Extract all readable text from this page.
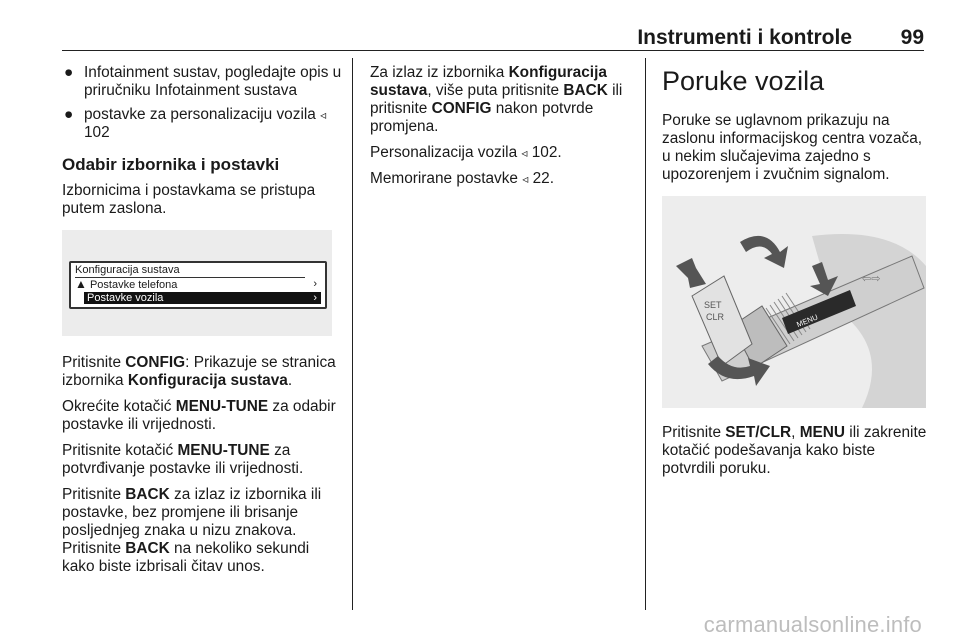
Instrumenti i kontrole 99
● Infotainment sustav, pogledajte opis u priručniku Infotainment sustava
● postavke za personalizaciju vozila ◃ 102
Odabir izbornika i postavki

Izbornicima i postavkama se pristupa putem zaslona.

Konfiguracija sustava
▲ Postavke telefona	›
Postavke vozila	›

Pritisnite CONFIG: Prikazuje se stranica izbornika Konfiguracija sustava.

Okrećite kotačić MENU-TUNE za odabir postavke ili vrijednosti.

Pritisnite kotačić MENU-TUNE za potvrđivanje postavke ili vrijednosti.

Pritisnite BACK za izlaz iz izbornika ili postavke, bez promjene ili brisanje posljednjeg znaka u nizu znakova. Pritisnite BACK na nekoliko sekundi kako biste izbrisali čitav unos.

Za izlaz iz izbornika Konfiguracija sustava, više puta pritisnite BACK ili pritisnite CONFIG nakon potvrde promjena.

Personalizacija vozila ◃ 102.

Memorirane postavke ◃ 22.

Poruke vozila

Poruke se uglavnom prikazuju na zaslonu informacijskog centra vozača, u nekim slučajevima zajedno s upozorenjem i zvučnim signalom.

SET
CLR	MENU
⇦⇨

Pritisnite SET/CLR, MENU ili zakrenite kotačić podešavanja kako biste potvrdili poruku.

carmanualsonline.info
